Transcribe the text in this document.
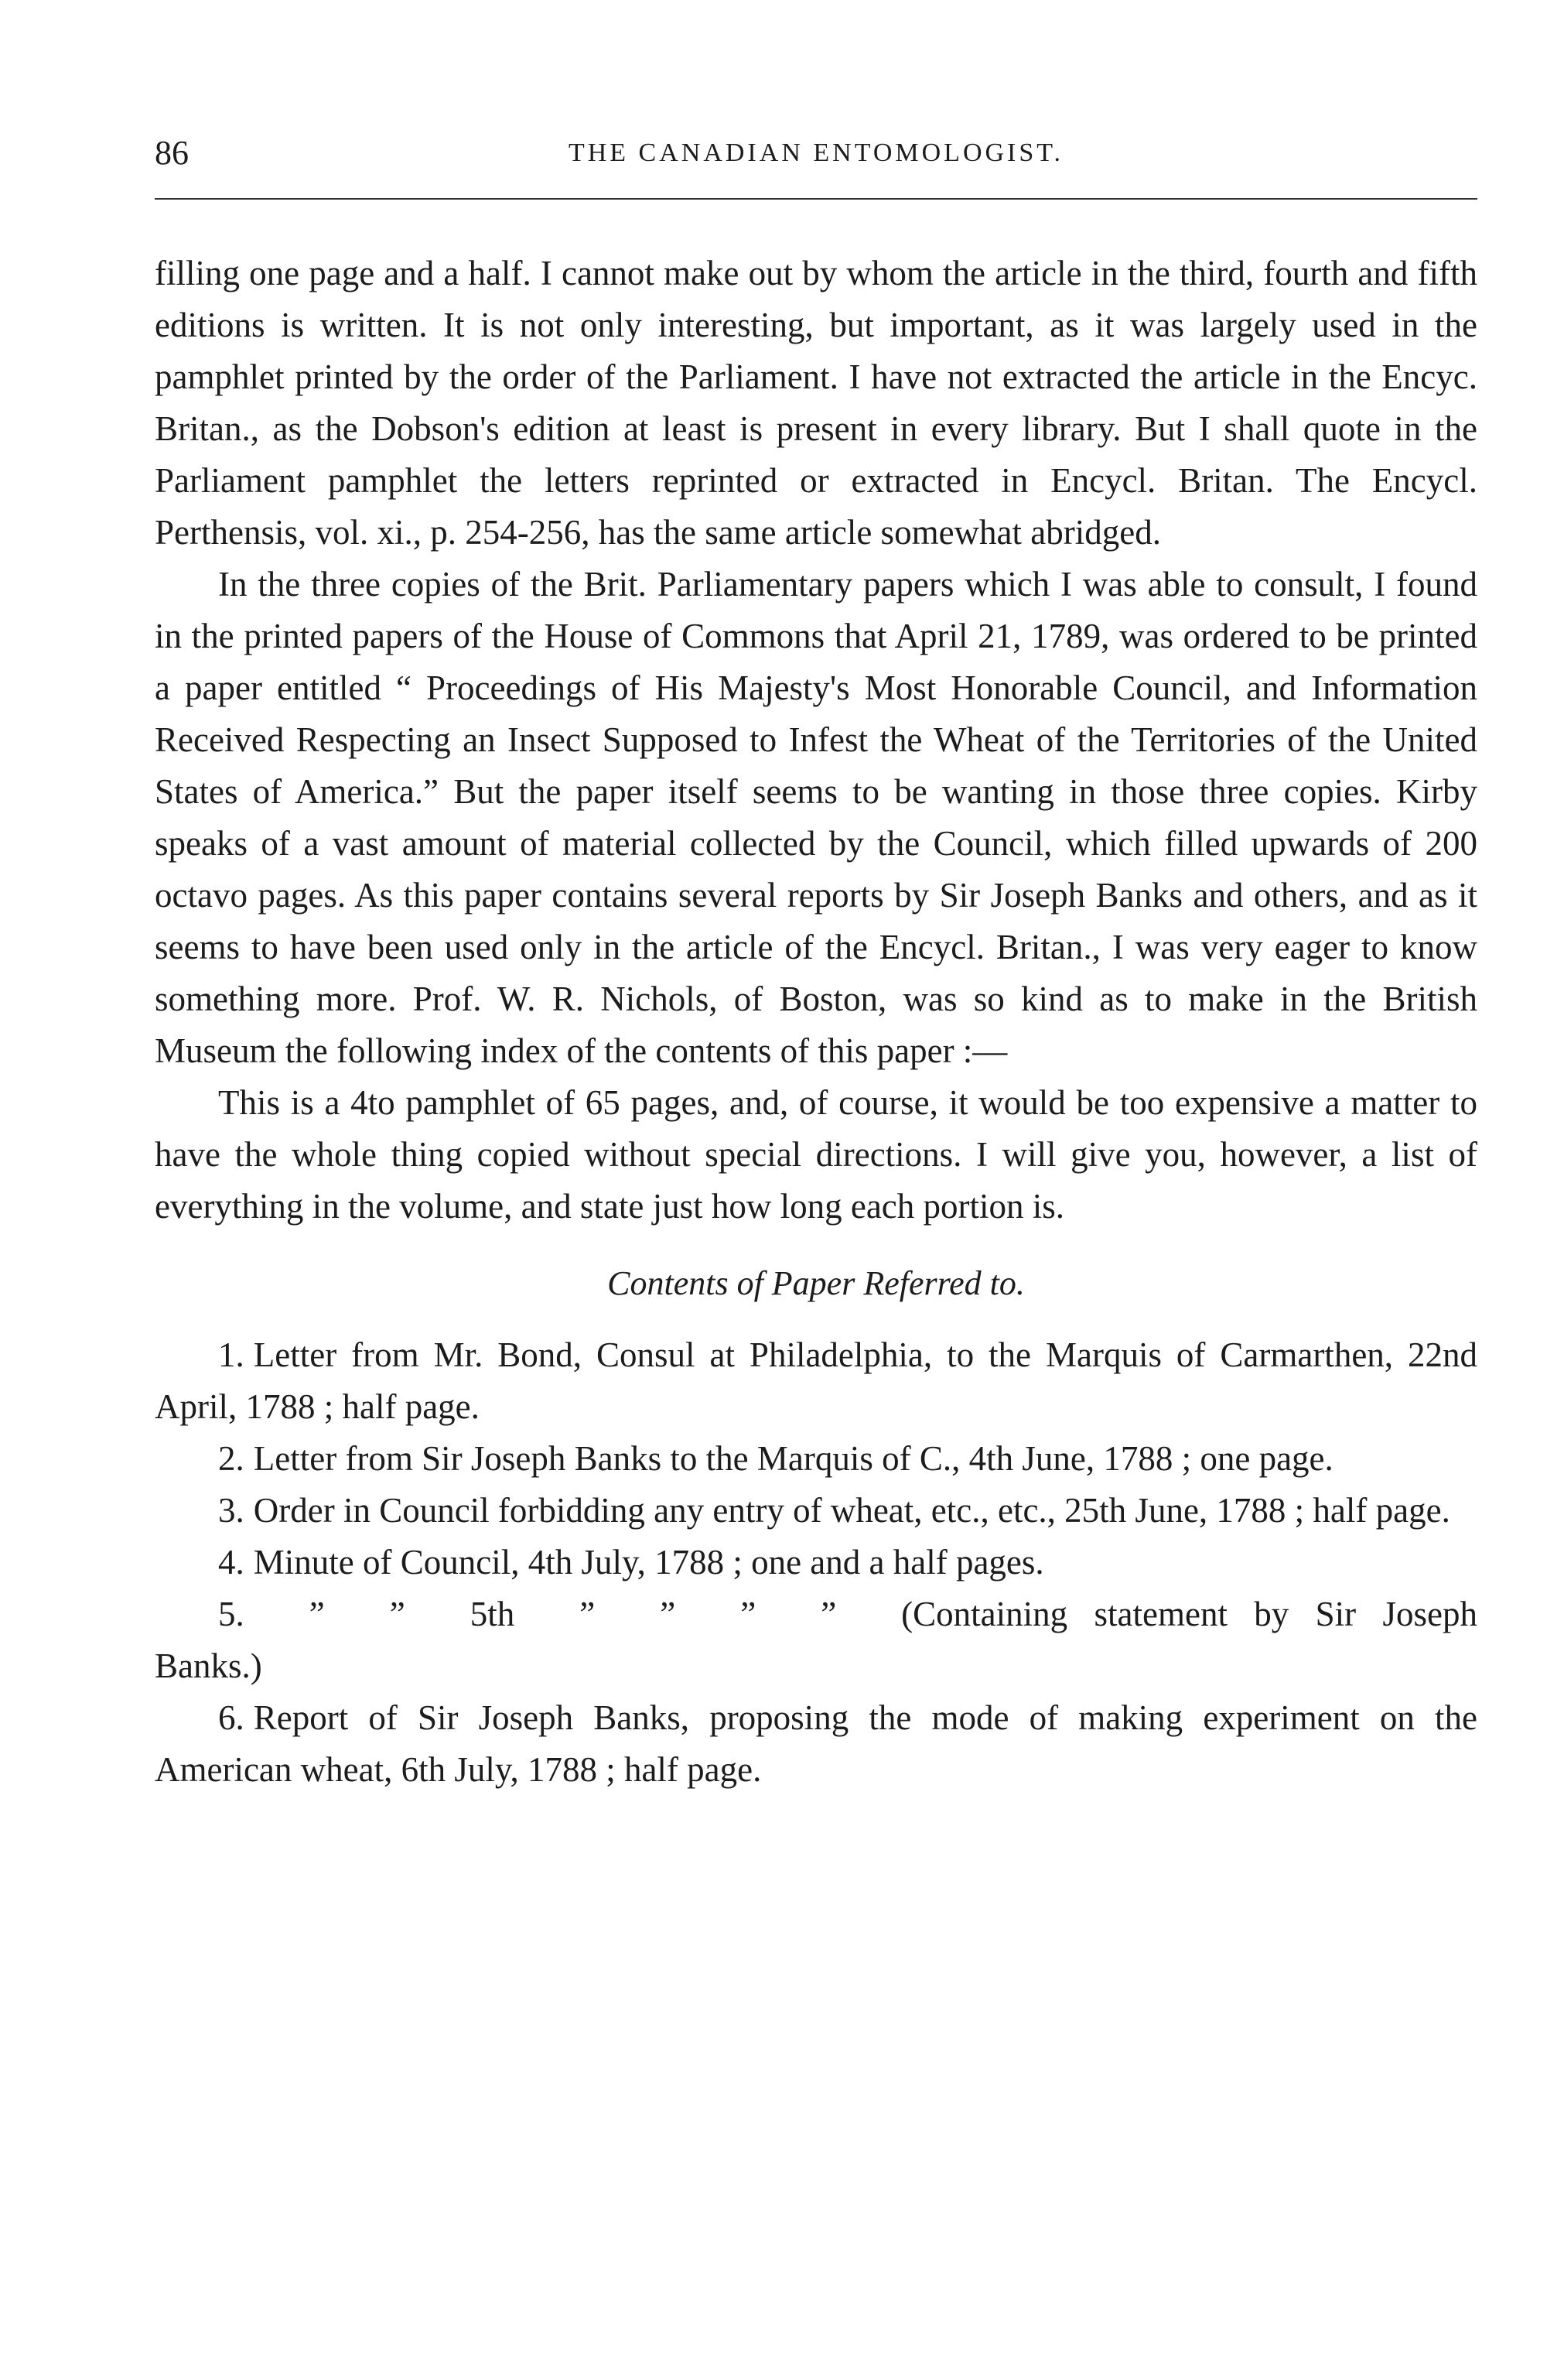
86	THE CANADIAN ENTOMOLOGIST.

filling one page and a half. I cannot make out by whom the article in the third, fourth and fifth editions is written. It is not only interesting, but important, as it was largely used in the pamphlet printed by the order of the Parliament. I have not extracted the article in the Encyc. Britan., as the Dobson's edition at least is present in every library. But I shall quote in the Parliament pamphlet the letters reprinted or extracted in Encycl. Britan. The Encycl. Perthensis, vol. xi., p. 254-256, has the same article somewhat abridged.

In the three copies of the Brit. Parliamentary papers which I was able to consult, I found in the printed papers of the House of Commons that April 21, 1789, was ordered to be printed a paper entitled “ Proceedings of His Majesty's Most Honorable Council, and Information Received Respecting an Insect Supposed to Infest the Wheat of the Territories of the United States of America.” But the paper itself seems to be wanting in those three copies. Kirby speaks of a vast amount of material collected by the Council, which filled upwards of 200 octavo pages. As this paper contains several reports by Sir Joseph Banks and others, and as it seems to have been used only in the article of the Encycl. Britan., I was very eager to know something more. Prof. W. R. Nichols, of Boston, was so kind as to make in the British Museum the following index of the contents of this paper :—

This is a 4to pamphlet of 65 pages, and, of course, it would be too expensive a matter to have the whole thing copied without special directions. I will give you, however, a list of everything in the volume, and state just how long each portion is.

Contents of Paper Referred to.

1. Letter from Mr. Bond, Consul at Philadelphia, to the Marquis of Carmarthen, 22nd April, 1788 ; half page.

2. Letter from Sir Joseph Banks to the Marquis of C., 4th June, 1788 ; one page.

3. Order in Council forbidding any entry of wheat, etc., etc., 25th June, 1788 ; half page.

4. Minute of Council, 4th July, 1788 ; one and a half pages.

5. ” ” 5th ” ” ” ” (Containing statement by Sir Joseph Banks.)

6. Report of Sir Joseph Banks, proposing the mode of making experiment on the American wheat, 6th July, 1788 ; half page.
